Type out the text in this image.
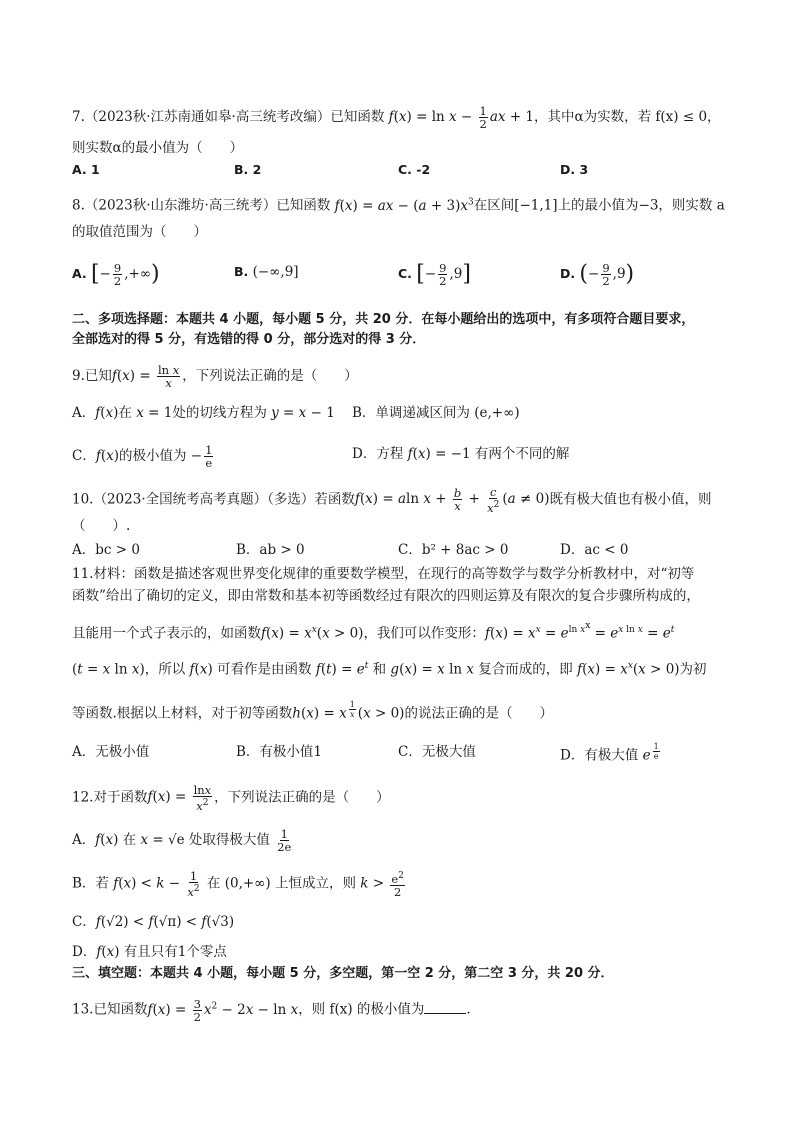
7.（2023秋·江苏南通如皋·高三统考改编）已知函数 $f(x) = \ln x - \frac{1}{2}$ ax + 1，其中α为实数，若 f(x) ≤ 0，
则实数α的最小值为（　　）
A. 1	B. 2	C. -2	D. 3
8.（2023秋·山东潍坊·高三统考）已知函数 f(x) = ax − $(a + 3)x^3$在区间[−1,1]上的最小值为−3，则实数 a
的取值范围为（　　）
A. [− $\frac{9}{2}$ ,+∞)	B. (−∞,9]	C. [− $\frac{9}{2} ,9$]	D. (− $\frac{9}{2} ,9$)
二、多项选择题：本题共 4 小题，每小题 5 分，共 20 分．在每小题给出的选项中，有多项符合题目要求，
全部选对的得 5 分，有选错的得 0 分，部分选对的得 3 分．
9.已知$f(x) = \frac{\text{ln x}}{x}$ ，下列说法正确的是（　　）
A．f(x)在 x = 1处的切线方程为 y = x − 1 B．单调递减区间为 (e,+∞)
C．f(x)的极小值为 − $\frac{1}{e}$	D．方程 f(x) = −1 有两个不同的解
10.（2023·全国统考高考真题）（多选）若函数f(x) = aln $x + \frac{b}{x} + \frac{c}{x^2} (a \ne 0)$既有极大值也有极小值，则
（　　）.
A．bc > 0	B．ab > 0	C．b² + 8ac > 0	D．ac < 0
11.材料：函数是描述客观世界变化规律的重要数学模型，在现行的高等数学与数学分析教材中，对“初等
函数”给出了确切的定义，即由常数和基本初等函数经过有限次的四则运算及有限次的复合步骤所构成的，
且能用一个式子表示的，如函数$f(x) = x^x(x > 0)$，我们可以作变形：$f(x) = x^x = e^{ln x^x} = e^{x ln x} = e^t$
(t = x ln x)，所以 f(x) 可看作是由函数 $f(t) = e^t$ 和 g(x) = x ln x 复合而成的，即 $f(x) = x^x(x > 0)$为初
等函数.根据以上材料，对于初等函数h(x) = x $^{\frac{1}{x}}$ (x > 0)的说法正确的是（　　）
A．无极小值	B．有极小值1	C．无极大值	D．有极大值 e $^{\frac{1}{e}}$
12.对于函数$f(x) = \frac{\ln x}{x^2}$ ，下列说法正确的是（　　）
A．f(x) 在 x = √e 处取得极大值 $\frac{1}{2e}$
B．若 $f(x) < k - \frac{1}{x^2}$ 在 (0,+∞) 上恒成立，则 $k > \frac{e^2}{2}$
C．f(√2) < f(√π) < f(√3)
D．f(x) 有且只有1个零点
三、填空题：本题共 4 小题，每小题 5 分，多空题，第一空 2 分，第二空 3 分，共 20 分．
13.已知函数$f(x) = \frac{3}{2} x^2 - 2x - \ln x$，则 f(x) 的极小值为	．
